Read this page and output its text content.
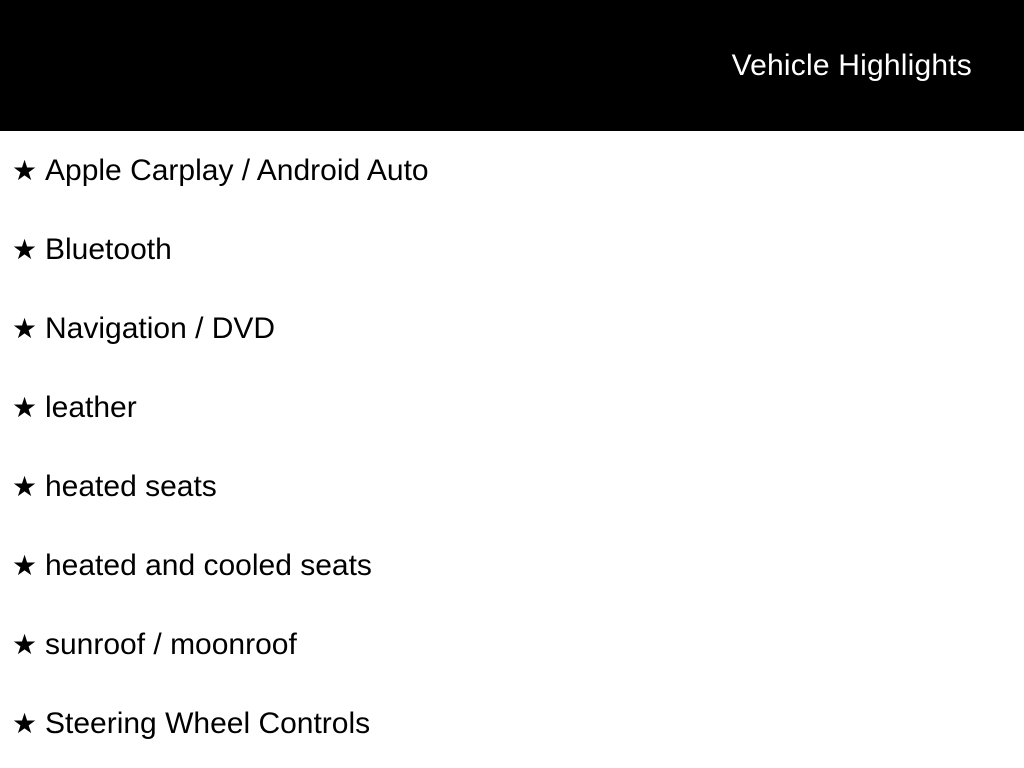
Vehicle Highlights
★ Apple Carplay / Android Auto
★ Bluetooth
★ Navigation / DVD
★ leather
★ heated seats
★ heated and cooled seats
★ sunroof / moonroof
★ Steering Wheel Controls
